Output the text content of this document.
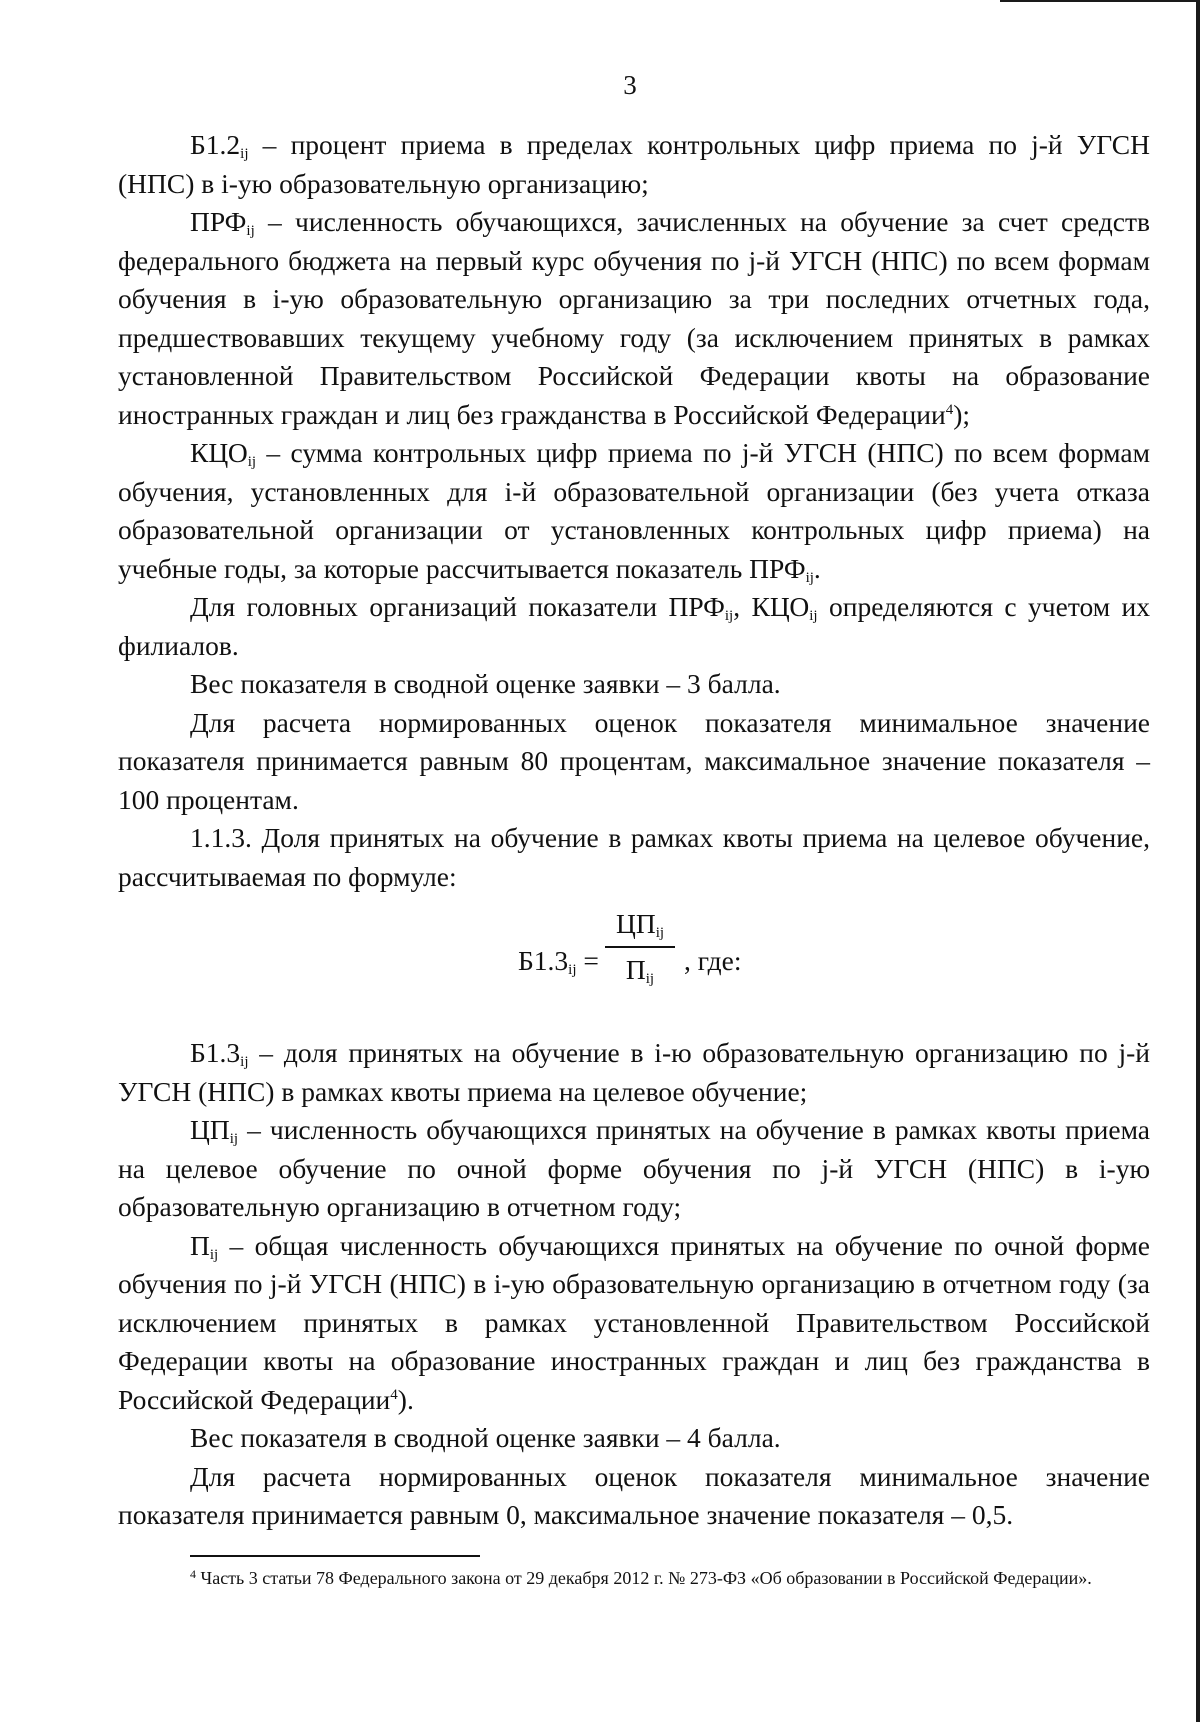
3

$Б1.2_{ij}$ – процент приема в пределах контрольных цифр приема по j-й УГСН (НПС) в i-ую образовательную организацию;

$ПРФ_{ij}$ – численность обучающихся, зачисленных на обучение за счет средств федерального бюджета на первый курс обучения по j-й УГСН (НПС) по всем формам обучения в i-ую образовательную организацию за три последних отчетных года, предшествовавших текущему учебному году (за исключением принятых в рамках установленной Правительством Российской Федерации квоты на образование иностранных граждан и лиц без гражданства в Российской Федерации$^4$);

$КЦО_{ij}$ – сумма контрольных цифр приема по j-й УГСН (НПС) по всем формам обучения, установленных для i-й образовательной организации (без учета отказа образовательной организации от установленных контрольных цифр приема) на учебные годы, за которые рассчитывается показатель $ПРФ_{ij}$.

Для головных организаций показатели $ПРФ_{ij}$, $КЦО_{ij}$ определяются с учетом их филиалов.

Вес показателя в сводной оценке заявки – 3 балла.

Для расчета нормированных оценок показателя минимальное значение показателя принимается равным 80 процентам, максимальное значение показателя – 100 процентам.

1.1.3. Доля принятых на обучение в рамках квоты приема на целевое обучение, рассчитываемая по формуле:

$Б1.3_{ij}$ =
$ЦП_{ij}$
$П_{ij}$
, где:

$Б1.3_{ij}$ – доля принятых на обучение в i-ю образовательную организацию по j-й УГСН (НПС) в рамках квоты приема на целевое обучение;

$ЦП_{ij}$ – численность обучающихся принятых на обучение в рамках квоты приема на целевое обучение по очной форме обучения по j-й УГСН (НПС) в i-ую образовательную организацию в отчетном году;

$П_{ij}$ – общая численность обучающихся принятых на обучение по очной форме обучения по j-й УГСН (НПС) в i-ую образовательную организацию в отчетном году (за исключением принятых в рамках установленной Правительством Российской Федерации квоты на образование иностранных граждан и лиц без гражданства в Российской Федерации$^4$).

Вес показателя в сводной оценке заявки – 4 балла.

Для расчета нормированных оценок показателя минимальное значение показателя принимается равным 0, максимальное значение показателя – 0,5.

$^4$ Часть 3 статьи 78 Федерального закона от 29 декабря 2012 г. № 273-ФЗ «Об образовании в Российской Федерации».
